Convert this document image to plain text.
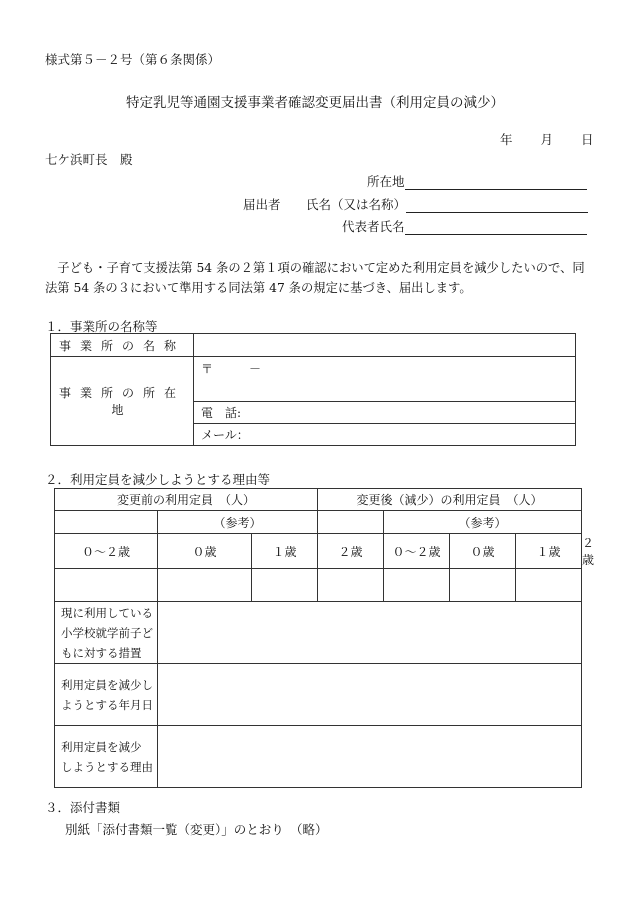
様式第５－２号（第６条関係）
特定乳児等通園支援事業者確認変更届出書（利用定員の減少）
年 月 日
七ケ浜町長　殿
所在地
届出者 氏名（又は名称）
代表者氏名
　子ども・子育て支援法第 54 条の２第１項の確認において定めた利用定員を減少したいので、同
法第 54 条の３において準用する同法第 47 条の規定に基づき、届出します。
１．事業所の名称等
事業所の名称	
事業所の所在地	〒　　　－
	電　話:
	メール：
２．利用定員を減少しようとする理由等
変更前の利用定員　（人）			変更後（減少）の利用定員　（人）				
	（参考）			（参考）			
０～２歳	０歳	１歳	２歳	０～２歳	０歳	１歳	２歳

現に利用している
小学校就学前子ど
もに対する措置							

利用定員を減少し
ようとする年月日							

利用定員を減少
しようとする理由							

３．添付書類
別紙「添付書類一覧（変更）」のとおり　（略）
